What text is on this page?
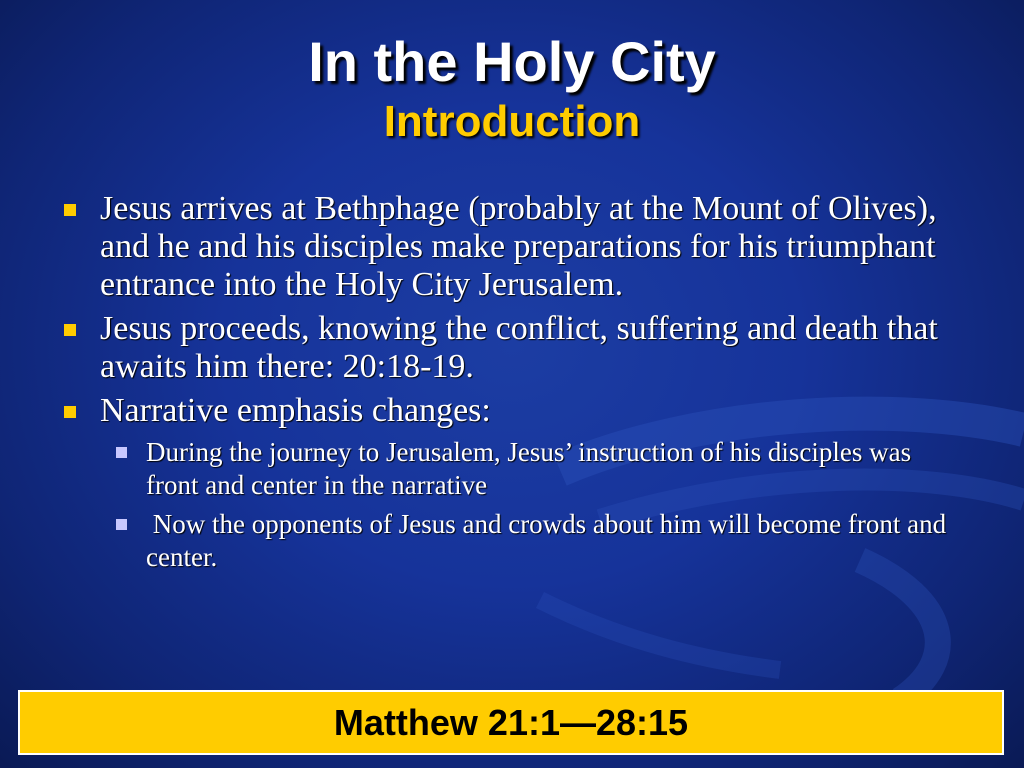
In the Holy City
Introduction
Jesus arrives at Bethphage (probably at the Mount of Olives), and he and his disciples make preparations for his triumphant entrance into the Holy City Jerusalem.
Jesus proceeds, knowing the conflict, suffering and death that awaits him there: 20:18-19.
Narrative emphasis changes:
During the journey to Jerusalem, Jesus’ instruction of his disciples was front and center in the narrative
Now the opponents of Jesus and crowds about him will become front and center.
Matthew 21:1—28:15
